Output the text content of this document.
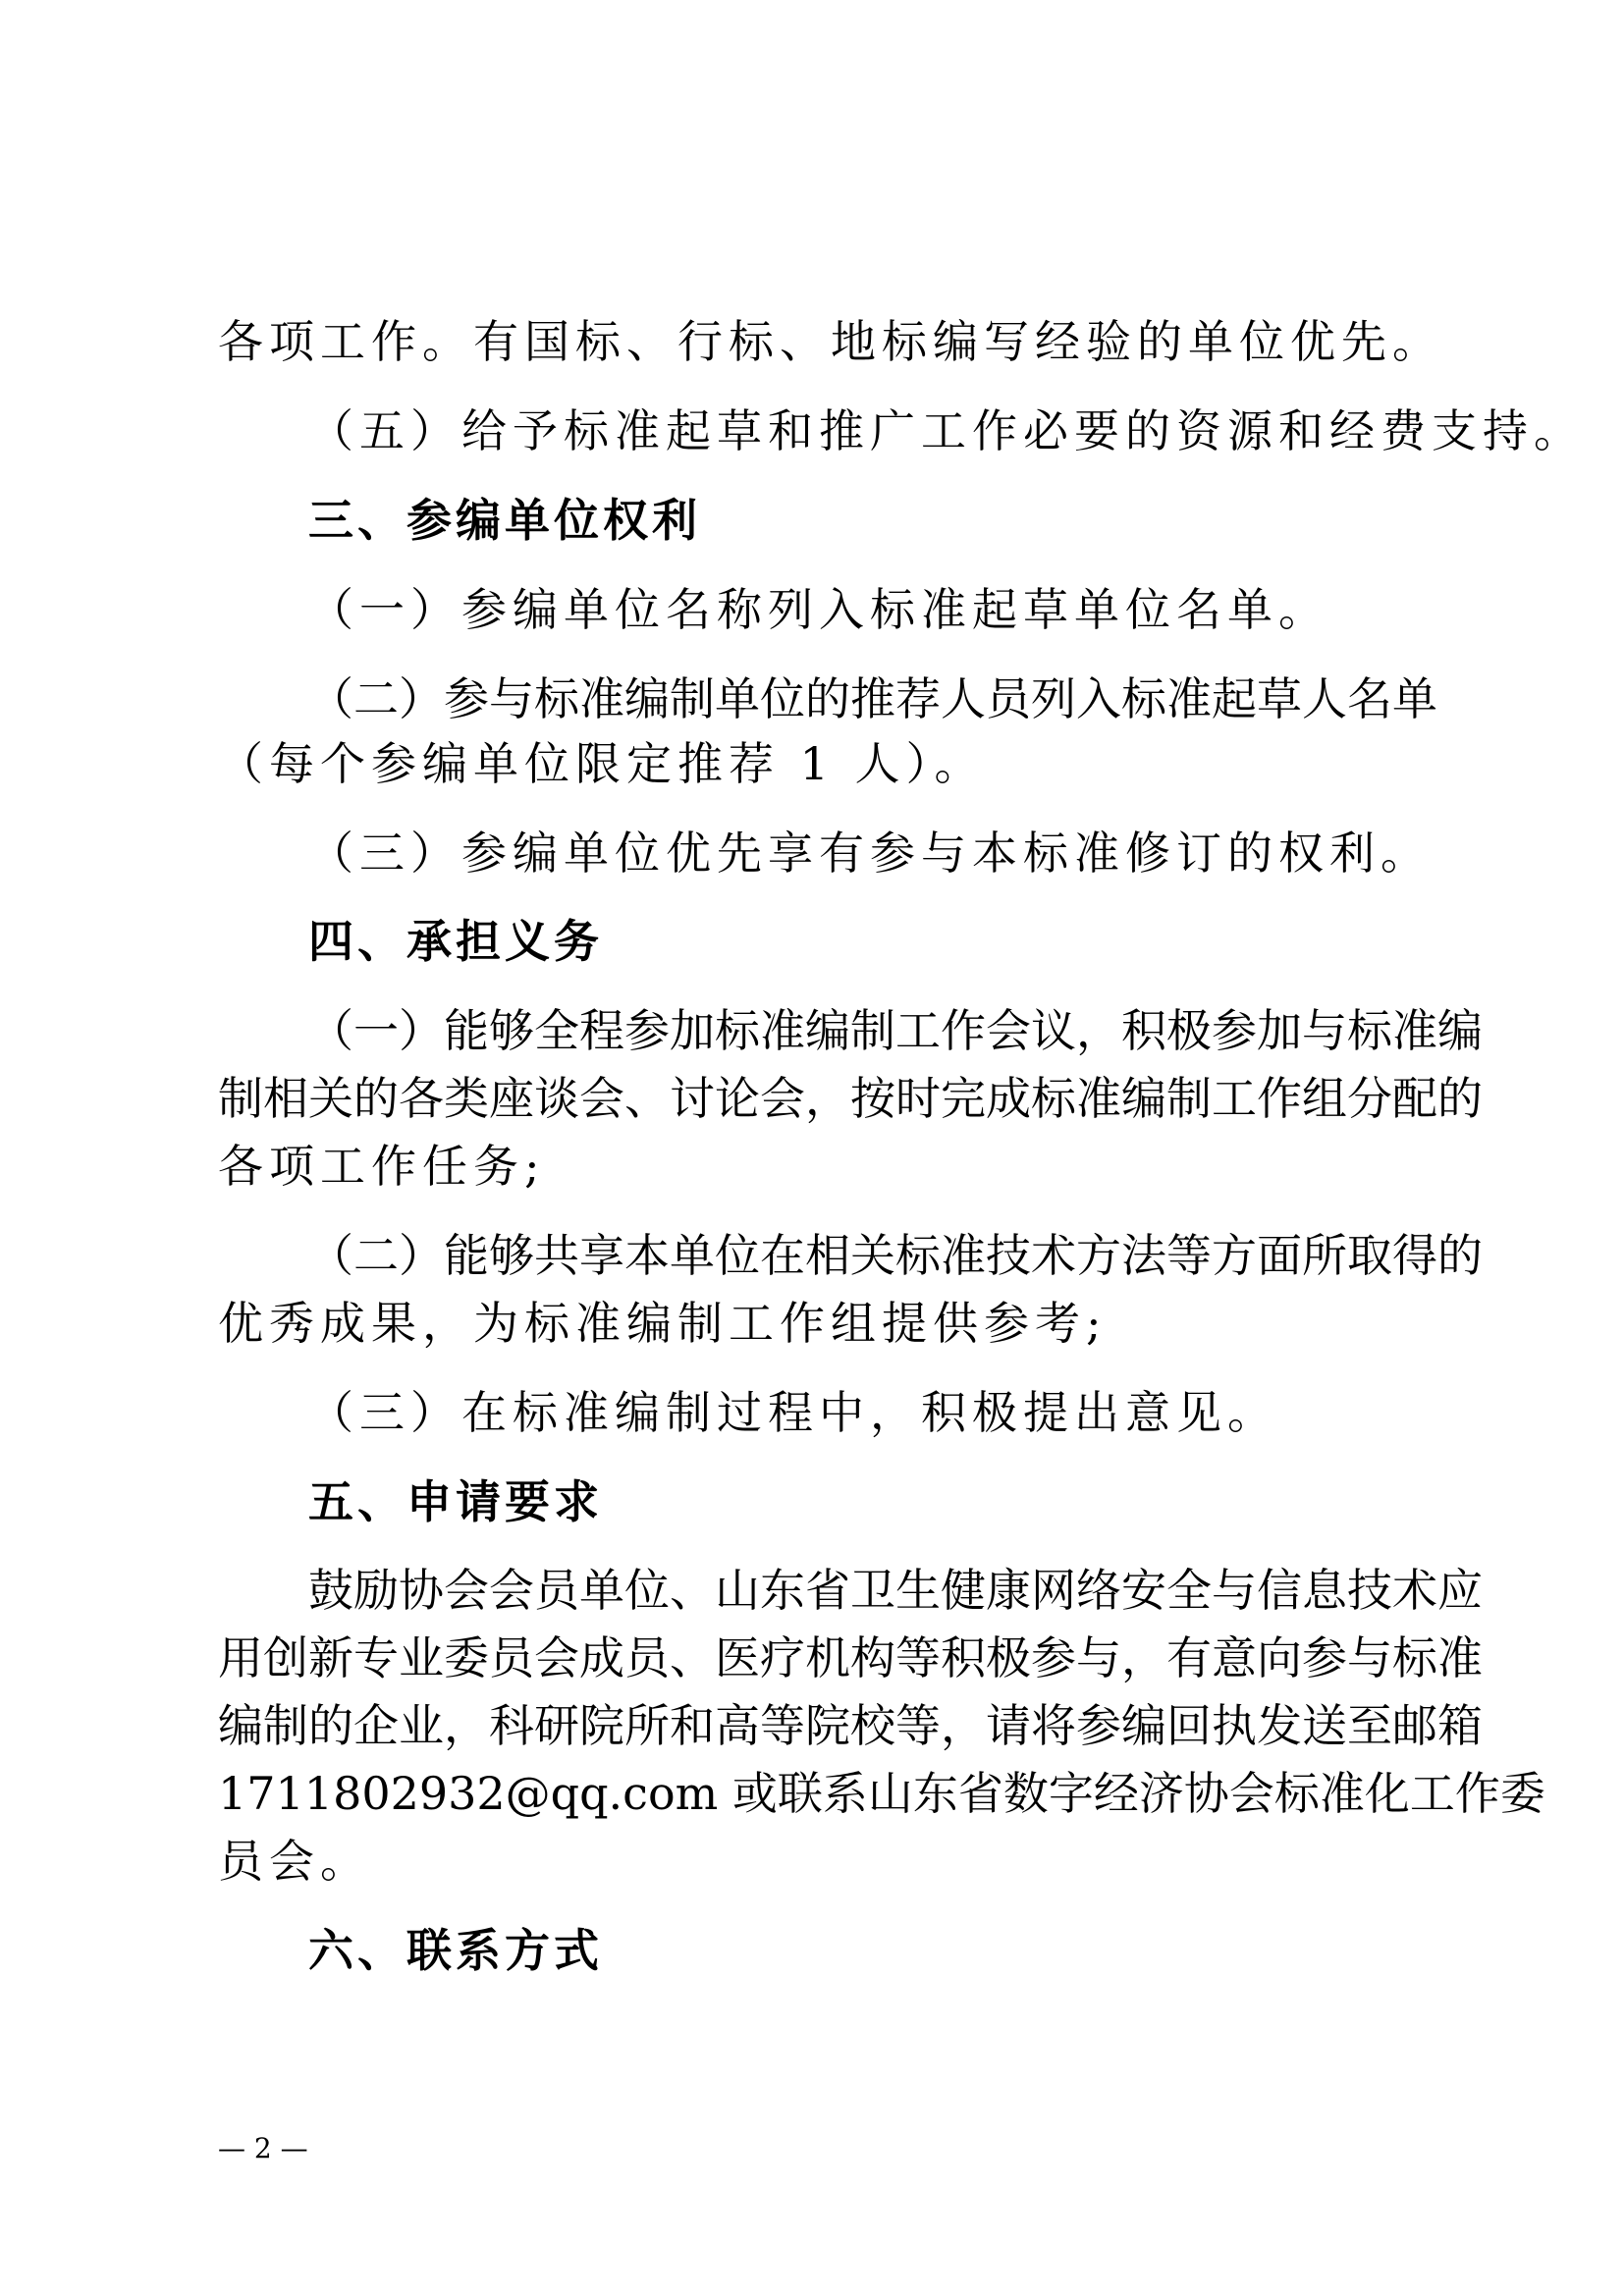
各项工作。有国标、行标、地标编写经验的单位优先。
（五）给予标准起草和推广工作必要的资源和经费支持。
三、参编单位权利
（一）参编单位名称列入标准起草单位名单。
（二）参与标准编制单位的推荐人员列入标准起草人名单
（每个参编单位限定推荐 1 人）。
（三）参编单位优先享有参与本标准修订的权利。
四、承担义务
（一）能够全程参加标准编制工作会议，积极参加与标准编
制相关的各类座谈会、讨论会，按时完成标准编制工作组分配的
各项工作任务;
（二）能够共享本单位在相关标准技术方法等方面所取得的
优秀成果，为标准编制工作组提供参考;
（三）在标准编制过程中，积极提出意见。
五、申请要求
鼓励协会会员单位、山东省卫生健康网络安全与信息技术应
用创新专业委员会成员、医疗机构等积极参与，有意向参与标准
编制的企业，科研院所和高等院校等，请将参编回执发送至邮箱
1711802932@qq.com 或联系山东省数字经济协会标准化工作委
员会。
六、联系方式
— 2 —
